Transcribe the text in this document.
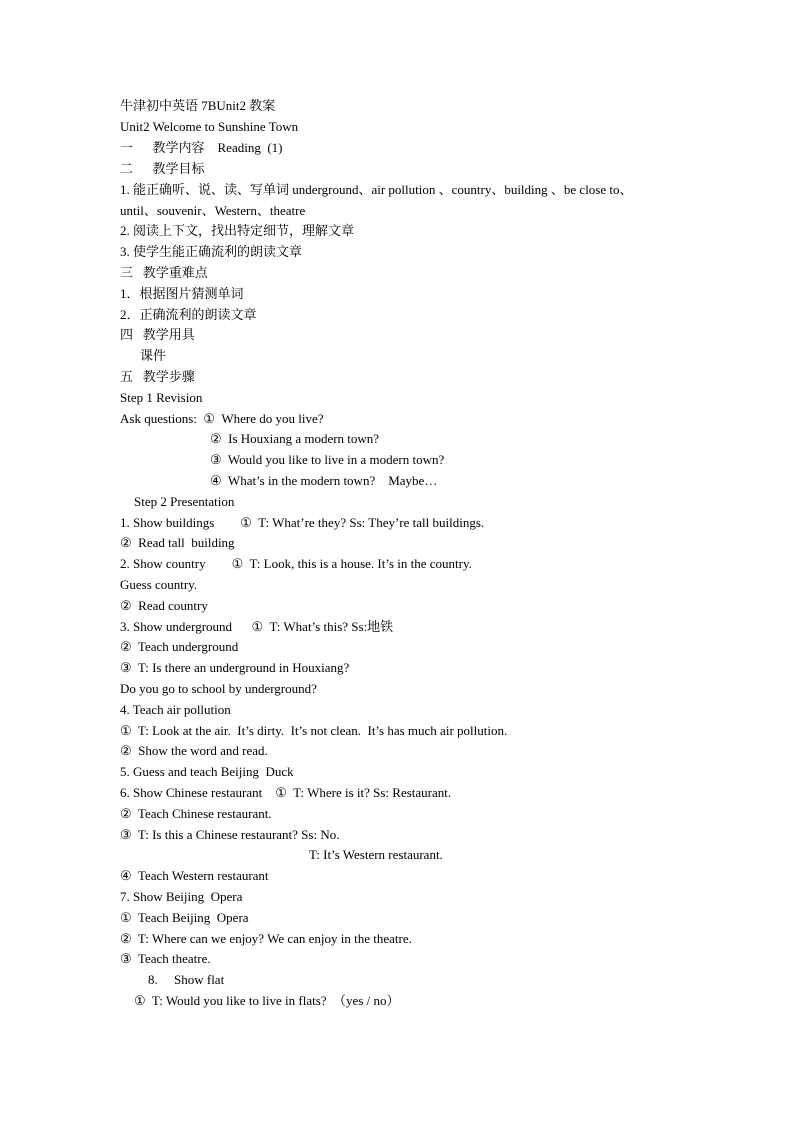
牛津初中英语 7BUnit2 教案
Unit2 Welcome to Sunshine Town
一      教学内容    Reading  (1)
二      教学目标
1. 能正确听、说、读、写单词 underground、air pollution 、country、building 、be close to、
until、souvenir、Western、theatre
2. 阅读上下文，找出特定细节，理解文章
3. 使学生能正确流利的朗读文章
三   教学重难点
1．根据图片猜测单词
2．正确流利的朗读文章
四   教学用具
课件
五   教学步骤
Step 1 Revision
Ask questions:  ①  Where do you live?
②  Is Houxiang a modern town?
③  Would you like to live in a modern town?
④  What’s in the modern town?    Maybe…
Step 2 Presentation
1. Show buildings        ①  T: What’re they? Ss: They’re tall buildings.
②  Read tall  building
2. Show country        ①  T: Look, this is a house. It’s in the country.
Guess country.
②  Read country
3. Show underground      ①  T: What’s this? Ss:地铁
②  Teach underground
③  T: Is there an underground in Houxiang?
Do you go to school by underground?
4. Teach air pollution
①  T: Look at the air.  It’s dirty.  It’s not clean.  It’s has much air pollution.
②  Show the word and read.
5. Guess and teach Beijing  Duck
6. Show Chinese restaurant    ①  T: Where is it? Ss: Restaurant.
②  Teach Chinese restaurant.
③  T: Is this a Chinese restaurant? Ss: No.
T: It’s Western restaurant.
④  Teach Western restaurant
7. Show Beijing  Opera
①  Teach Beijing  Opera
②  T: Where can we enjoy? We can enjoy in the theatre.
③  Teach theatre.
8.     Show flat
①  T: Would you like to live in flats?  （yes / no）
